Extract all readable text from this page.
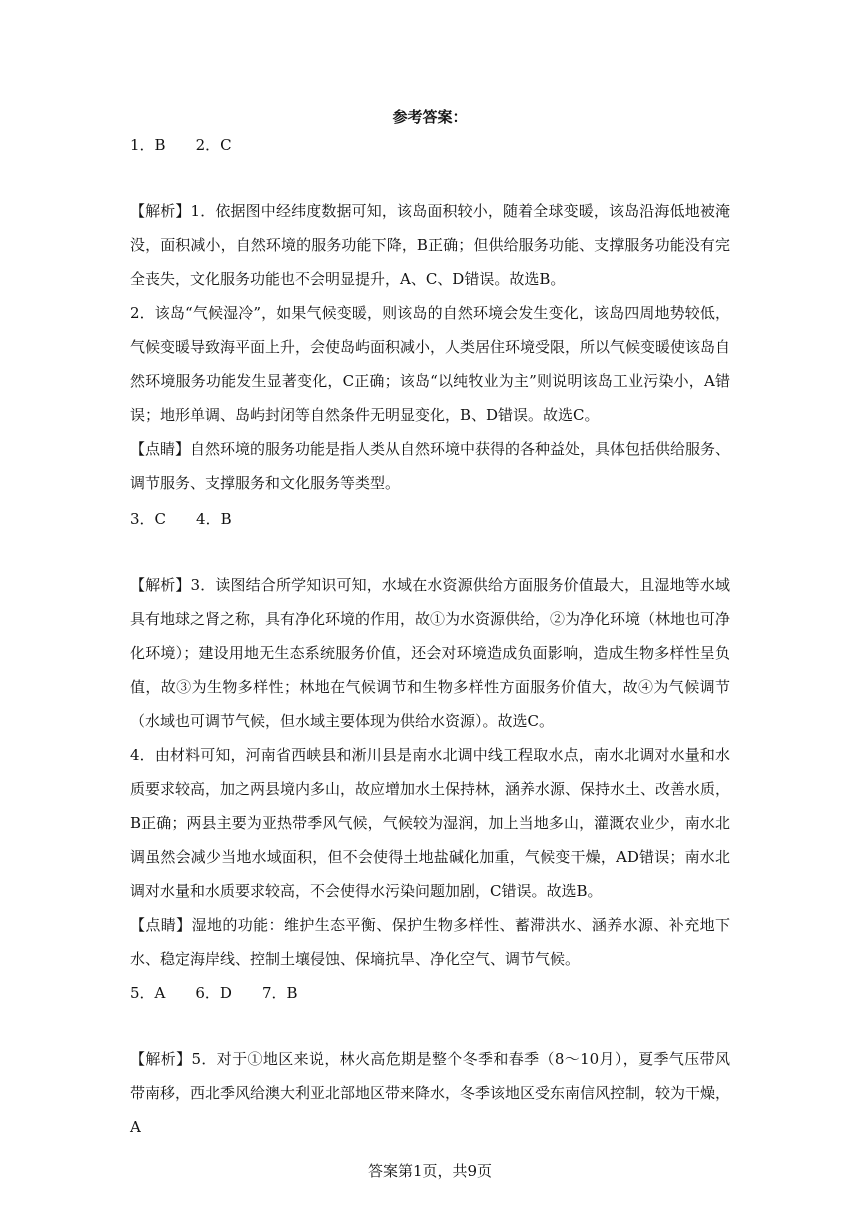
参考答案：
1．B　　2．C
【解析】1．依据图中经纬度数据可知，该岛面积较小，随着全球变暖，该岛沿海低地被淹没，面积减小，自然环境的服务功能下降，B正确；但供给服务功能、支撑服务功能没有完全丧失，文化服务功能也不会明显提升，A、C、D错误。故选B。
2．该岛“气候湿冷”，如果气候变暖，则该岛的自然环境会发生变化，该岛四周地势较低，气候变暖导致海平面上升，会使岛屿面积减小，人类居住环境受限，所以气候变暖使该岛自然环境服务功能发生显著变化，C正确；该岛“以纯牧业为主”则说明该岛工业污染小，A错误；地形单调、岛屿封闭等自然条件无明显变化，B、D错误。故选C。
【点睛】自然环境的服务功能是指人类从自然环境中获得的各种益处，具体包括供给服务、调节服务、支撑服务和文化服务等类型。
3．C　　4．B
【解析】3．读图结合所学知识可知，水域在水资源供给方面服务价值最大，且湿地等水域具有地球之肾之称，具有净化环境的作用，故①为水资源供给，②为净化环境（林地也可净化环境）；建设用地无生态系统服务价值，还会对环境造成负面影响，造成生物多样性呈负值，故③为生物多样性；林地在气候调节和生物多样性方面服务价值大，故④为气候调节（水域也可调节气候，但水域主要体现为供给水资源）。故选C。
4．由材料可知，河南省西峡县和淅川县是南水北调中线工程取水点，南水北调对水量和水质要求较高，加之两县境内多山，故应增加水土保持林，涵养水源、保持水土、改善水质，B正确；两县主要为亚热带季风气候，气候较为湿润，加上当地多山，灌溉农业少，南水北调虽然会减少当地水域面积，但不会使得土地盐碱化加重，气候变干燥，AD错误；南水北调对水量和水质要求较高，不会使得水污染问题加剧，C错误。故选B。
【点睛】湿地的功能：维护生态平衡、保护生物多样性、蓄滞洪水、涵养水源、补充地下水、稳定海岸线、控制土壤侵蚀、保墒抗旱、净化空气、调节气候。
5．A　　6．D　　7．B
【解析】5．对于①地区来说，林火高危期是整个冬季和春季（8～10月），夏季气压带风带南移，西北季风给澳大利亚北部地区带来降水，冬季该地区受东南信风控制，较为干燥，A
答案第1页，共9页
